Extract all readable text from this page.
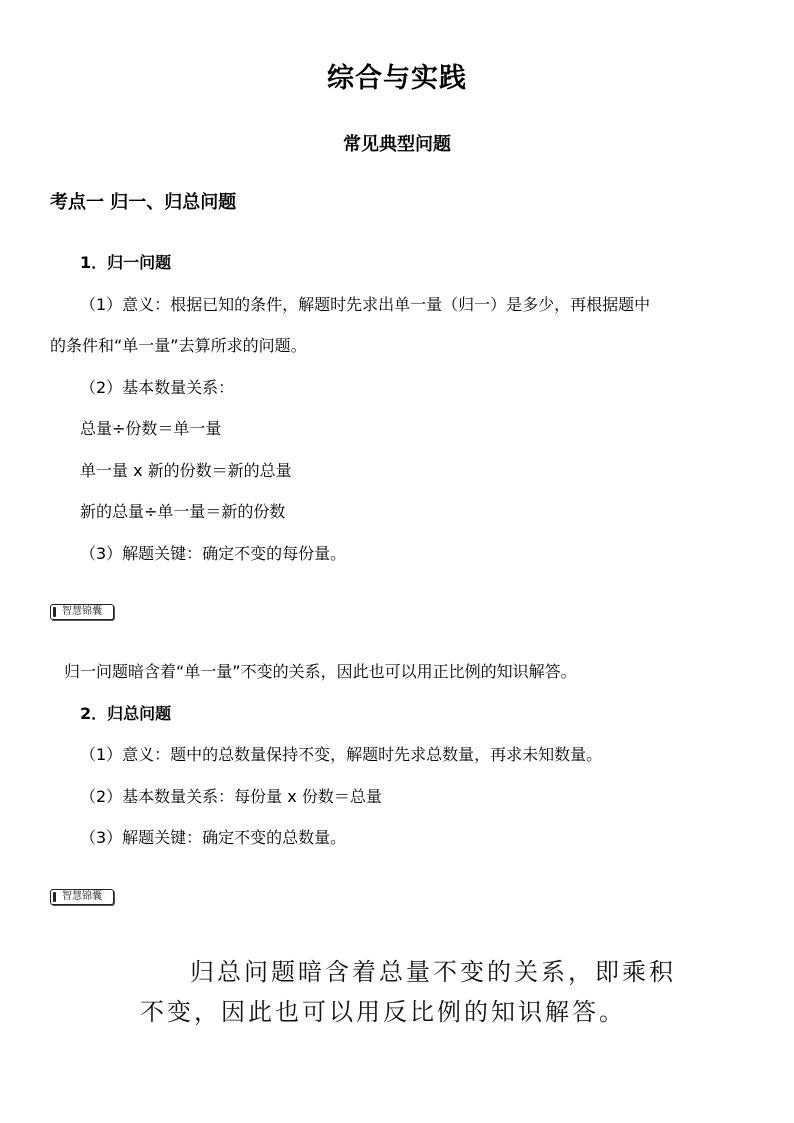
综合与实践
常见典型问题
考点一 归一、归总问题
1．归一问题
（1）意义：根据已知的条件，解题时先求出单一量（归一）是多少，再根据题中
的条件和“单一量”去算所求的问题。
（2）基本数量关系：
总量÷份数＝单一量
单一量 x 新的份数＝新的总量
新的总量÷单一量＝新的份数
（3）解题关键：确定不变的每份量。
智慧锦囊
归一问题暗含着“单一量”不变的关系，因此也可以用正比例的知识解答。
2．归总问题
（1）意义：题中的总数量保持不变，解题时先求总数量，再求未知数量。
（2）基本数量关系：每份量 x 份数＝总量
（3）解题关键：确定不变的总数量。
智慧锦囊
归总问题暗含着总量不变的关系，即乘积
不变，因此也可以用反比例的知识解答。
